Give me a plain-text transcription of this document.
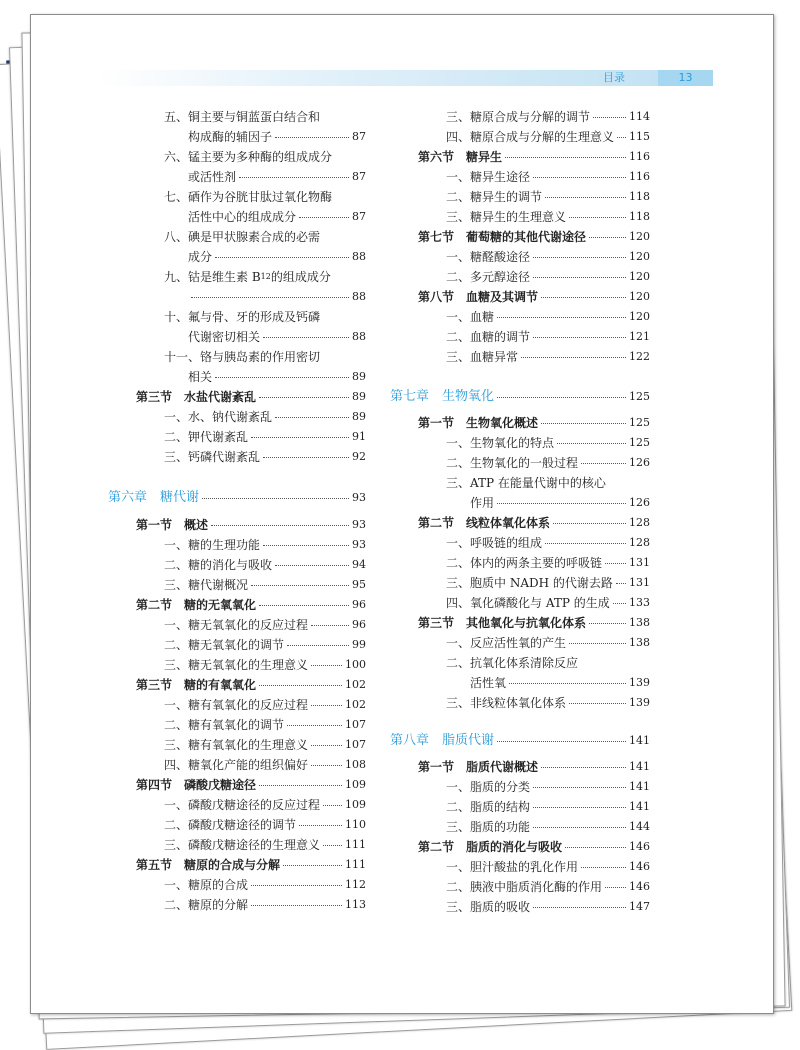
目录	13
五、铜主要与铜蓝蛋白结合和
构成酶的辅因子	87
六、锰主要为多种酶的组成成分
或活性剂	87
七、硒作为谷胱甘肽过氧化物酶
活性中心的组成成分	87
八、碘是甲状腺素合成的必需
成分	88
九、钴是维生素 B 12 的组成成分
88
十、氟与骨、牙的形成及钙磷
代谢密切相关	88
十一、铬与胰岛素的作用密切
相关	89
第三节　水盐代谢紊乱	89
一、水、钠代谢紊乱	89
二、钾代谢紊乱	91
三、钙磷代谢紊乱	92
第六章　糖代谢	93
第一节　概述	93
一、糖的生理功能	93
二、糖的消化与吸收	94
三、糖代谢概况	95
第二节　糖的无氧氧化	96
一、糖无氧氧化的反应过程	96
二、糖无氧氧化的调节	99
三、糖无氧氧化的生理意义	100
第三节　糖的有氧氧化	102
一、糖有氧氧化的反应过程	102
二、糖有氧氧化的调节	107
三、糖有氧氧化的生理意义	107
四、糖氧化产能的组织偏好	108
第四节　磷酸戊糖途径	109
一、磷酸戊糖途径的反应过程 109
二、磷酸戊糖途径的调节	110
三、磷酸戊糖途径的生理意义 111
第五节　糖原的合成与分解	111
一、糖原的合成	112
二、糖原的分解	113
三、糖原合成与分解的调节	114
四、糖原合成与分解的生理意义 115
第六节　糖异生	116
一、糖异生途径	116
二、糖异生的调节	118
三、糖异生的生理意义	118
第七节　葡萄糖的其他代谢途径	120
一、糖醛酸途径	120
二、多元醇途径	120
第八节　血糖及其调节	120
一、血糖	120
二、血糖的调节	121
三、血糖异常	122
第七章　生物氧化	125
第一节　生物氧化概述	125
一、生物氧化的特点	125
二、生物氧化的一般过程	126
三、ATP 在能量代谢中的核心
作用	126
第二节　线粒体氧化体系	128
一、呼吸链的组成	128
二、体内的两条主要的呼吸链 131
三、胞质中 NADH 的代谢去路 131
四、氧化磷酸化与 ATP 的生成 133
第三节　其他氧化与抗氧化体系	138
一、反应活性氧的产生	138
二、抗氧化体系清除反应
活性氧	139
三、非线粒体氧化体系	139
第八章　脂质代谢	141
第一节　脂质代谢概述	141
一、脂质的分类	141
二、脂质的结构	141
三、脂质的功能	144
第二节　脂质的消化与吸收	146
一、胆汁酸盐的乳化作用	146
二、胰液中脂质消化酶的作用 146
三、脂质的吸收	147
